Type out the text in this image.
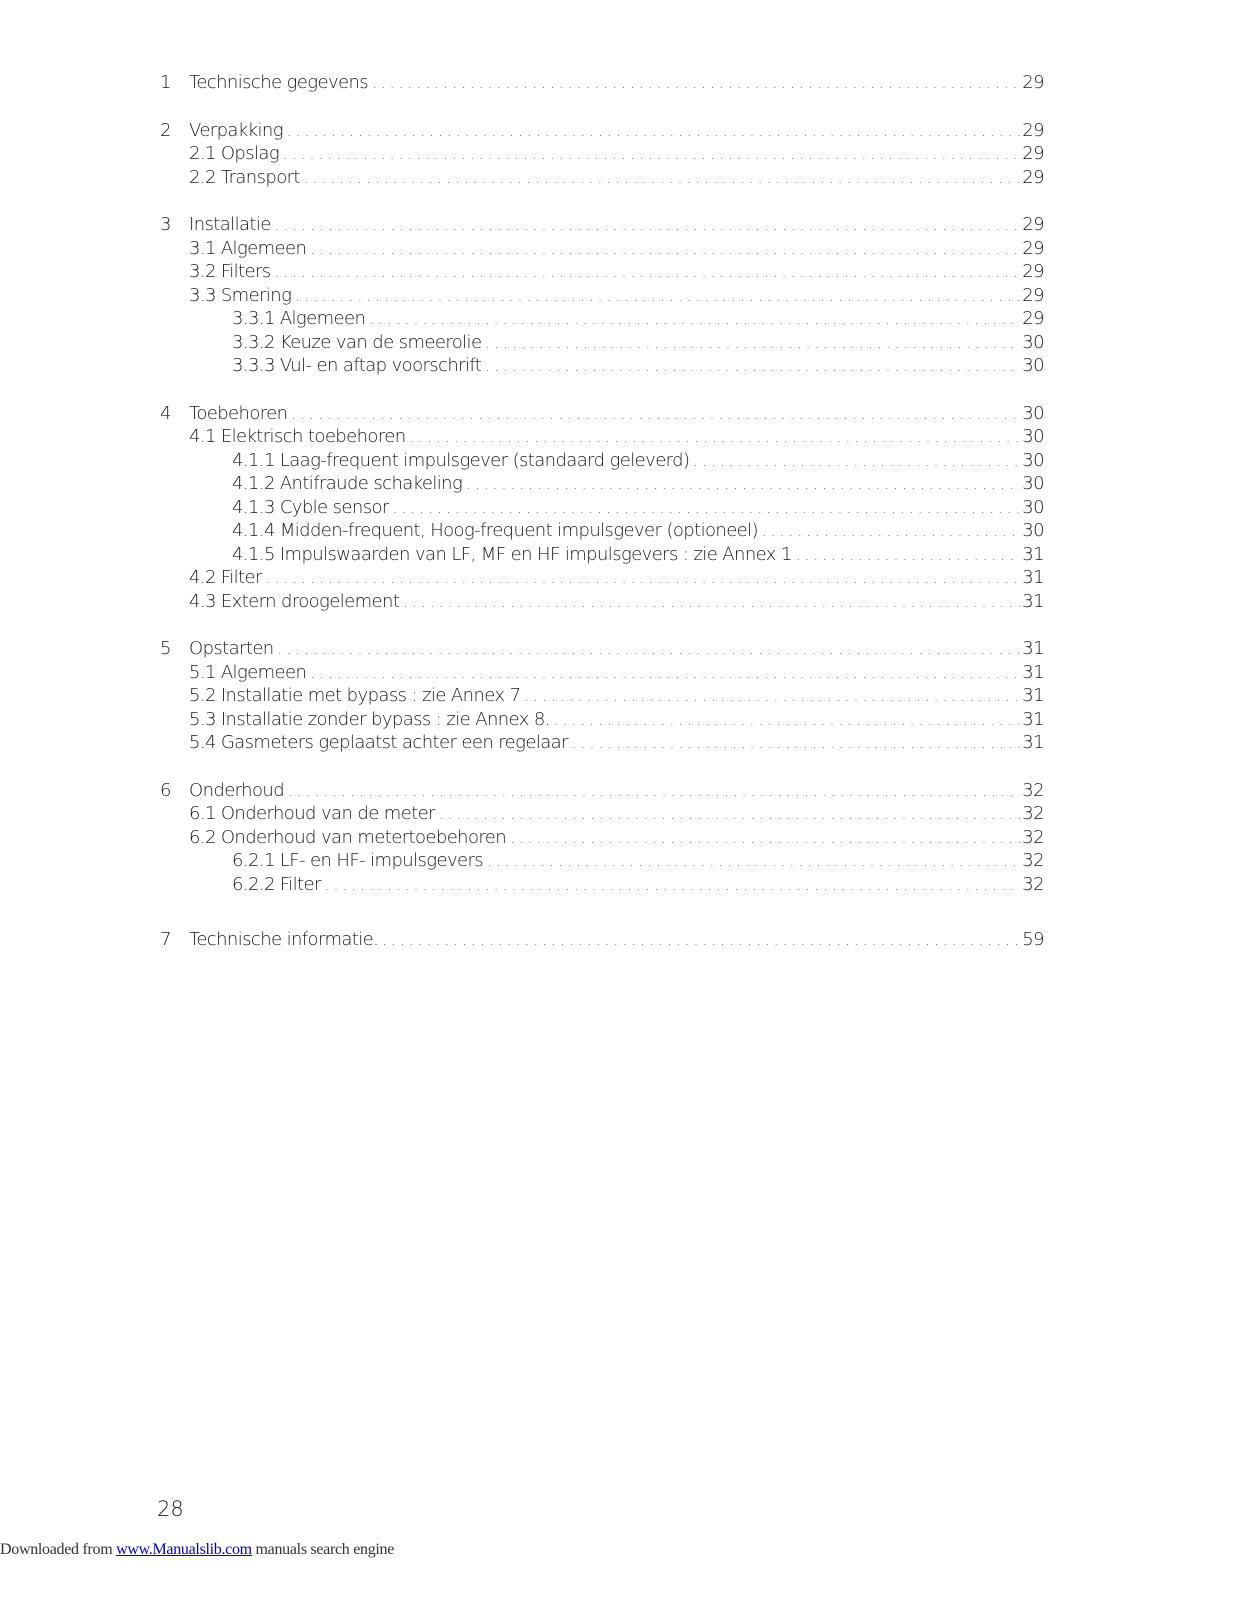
1	Technische gegevens . . .	29
2	Verpakking . . .	29
2.1 Opslag . . .	29
2.2 Transport . . .	29
3	Installatie . . .	29
3.1 Algemeen . . .	29
3.2 Filters . . .	29
3.3 Smering . . .	29
3.3.1 Algemeen . . .	29
3.3.2 Keuze van de smeerolie . . .	30
3.3.3 Vul- en aftap voorschrift . . .	30
4	Toebehoren . . .	30
4.1 Elektrisch toebehoren . . .	30
4.1.1 Laag-frequent impulsgever (standaard geleverd) . . .	30
4.1.2 Antifraude schakeling . . .	30
4.1.3 Cyble sensor . . .	30
4.1.4 Midden-frequent, Hoog-frequent impulsgever (optioneel) . . .	30
4.1.5 Impulswaarden van LF, MF en HF impulsgevers : zie Annex 1 . . .	31
4.2 Filter . . .	31
4.3 Extern droogelement . . .	31
5	Opstarten . . .	31
5.1 Algemeen . . .	31
5.2 Installatie met bypass : zie Annex 7 . . .	31
5.3 Installatie zonder bypass : zie Annex 8. . . .	31
5.4 Gasmeters geplaatst achter een regelaar . . .	31
6	Onderhoud . . .	32
6.1 Onderhoud van de meter . . .	32
6.2 Onderhoud van metertoebehoren . . .	32
6.2.1 LF- en HF- impulsgevers . . .	32
6.2.2 Filter . . .	32
7	Technische informatie. . . .	59
28
Downloaded from www.Manualslib.com manuals search engine
